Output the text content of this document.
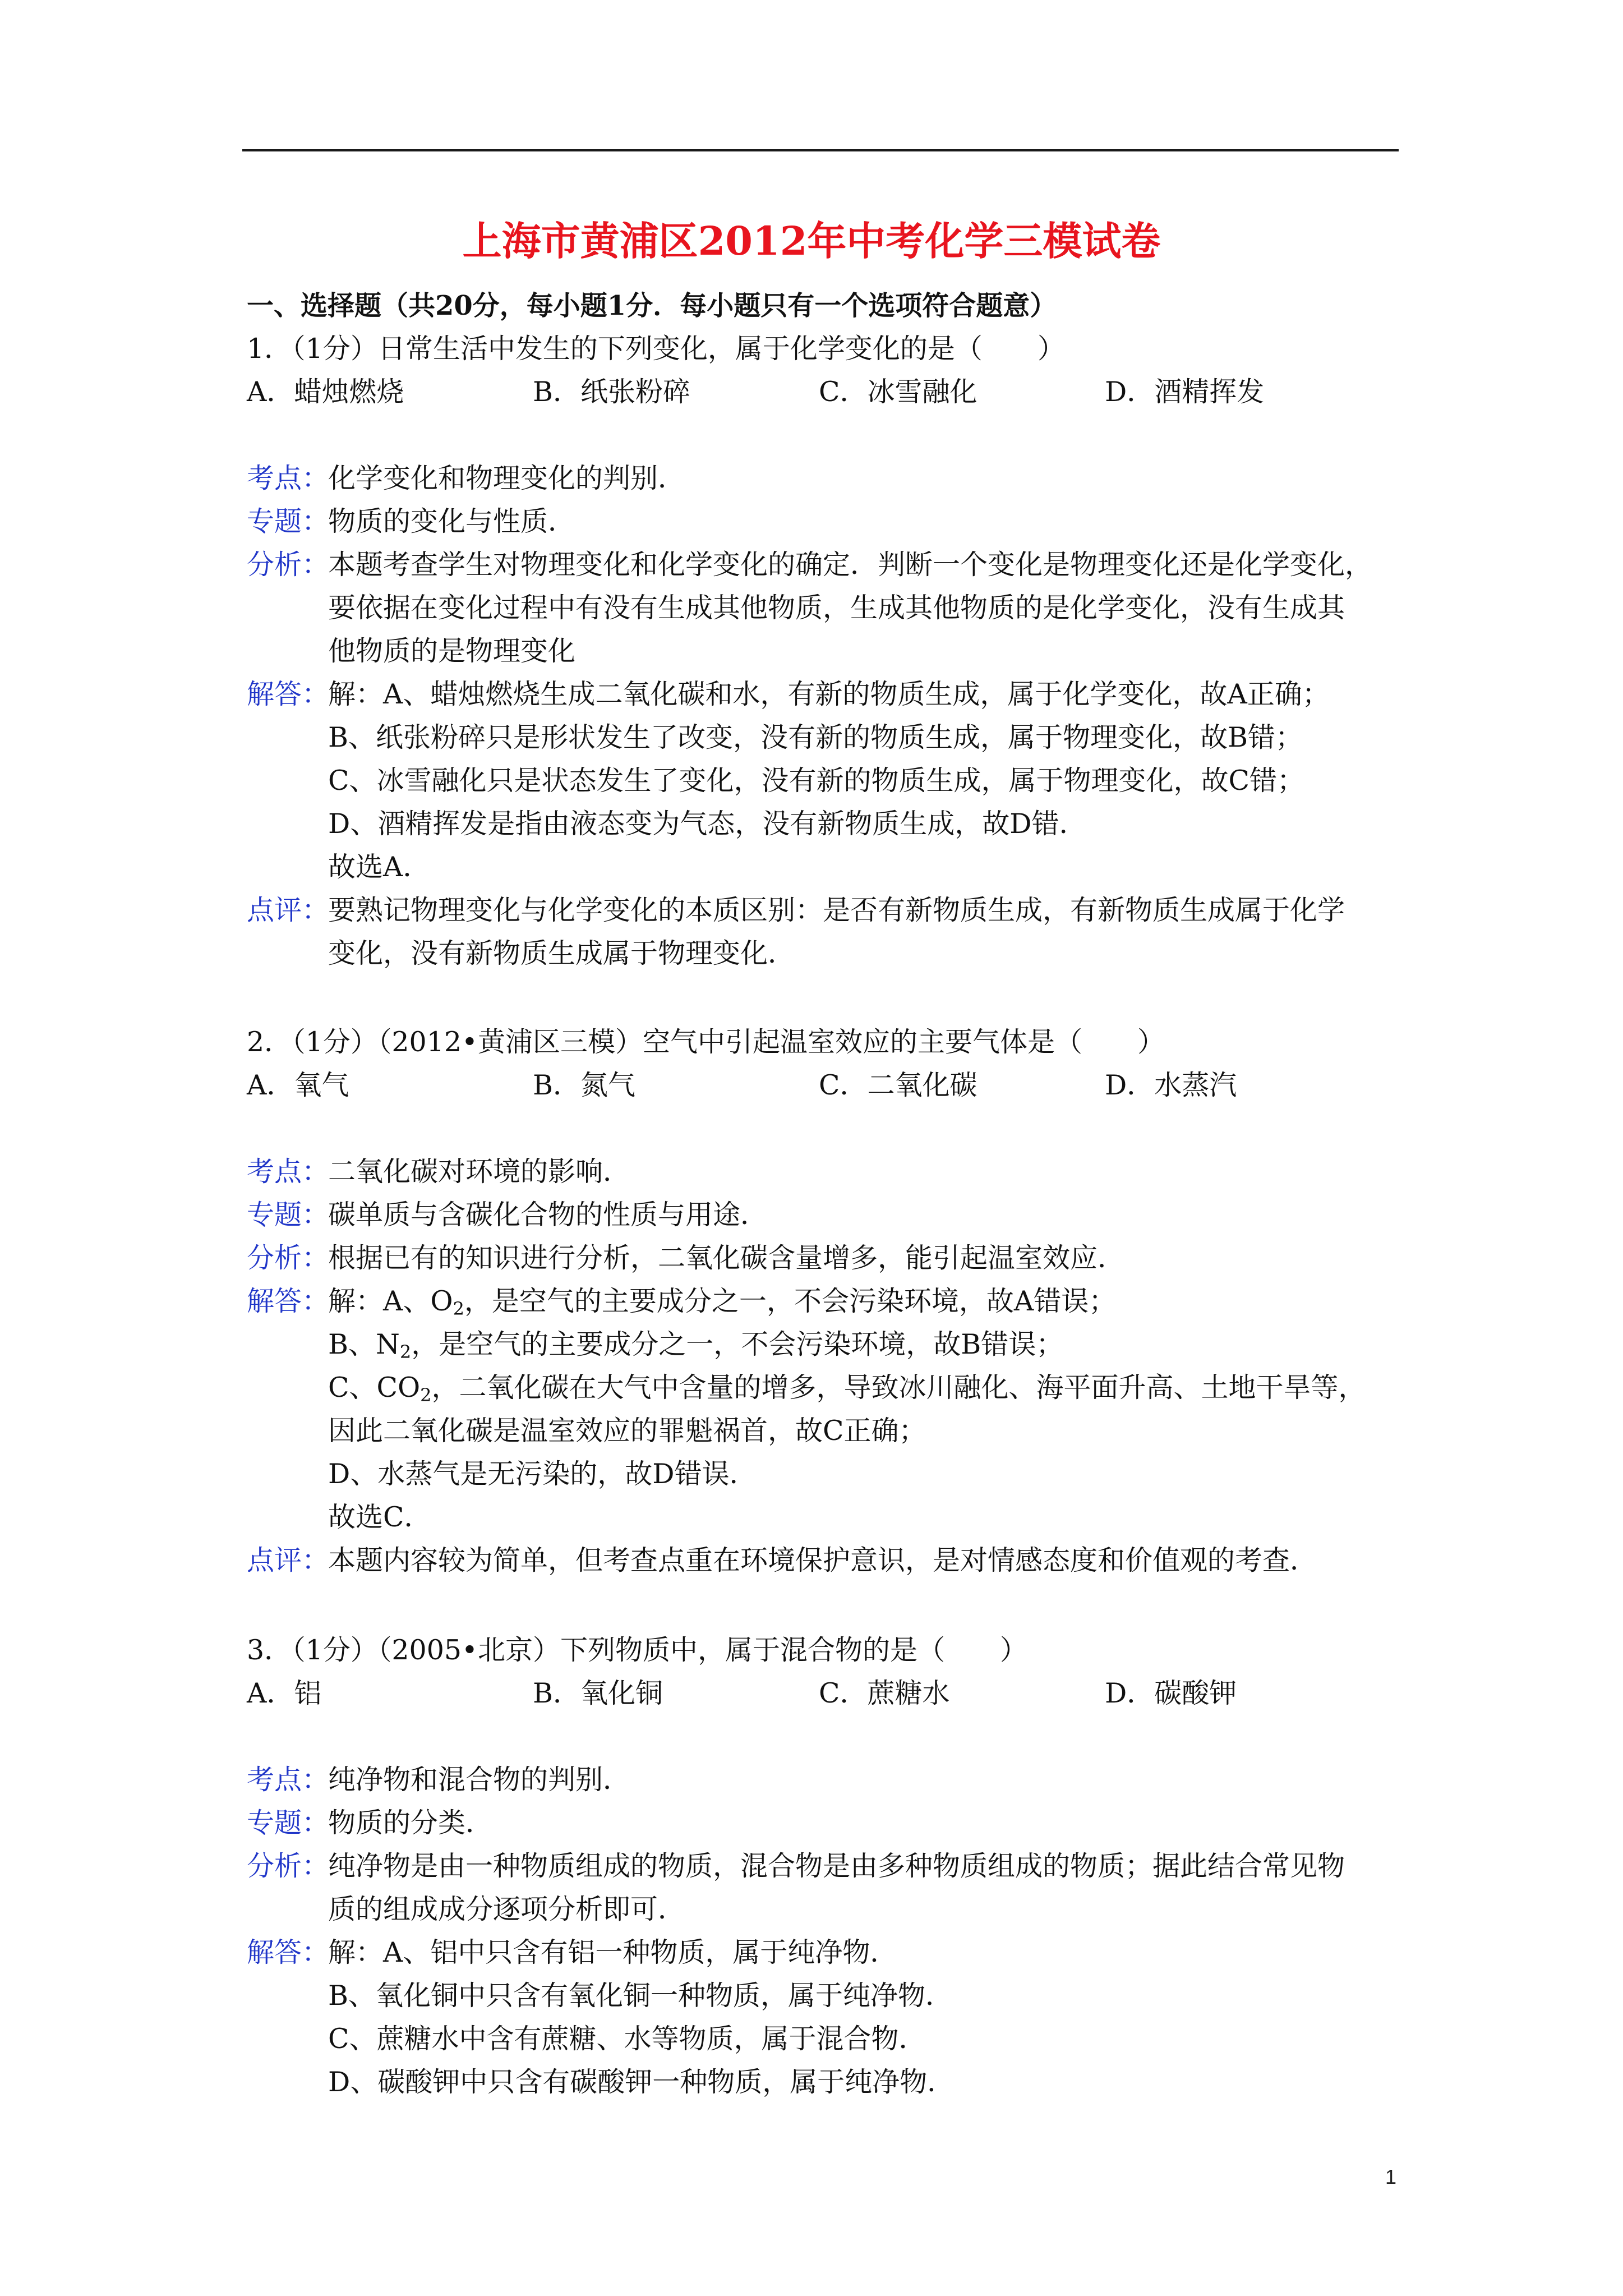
上海市黄浦区2012年中考化学三模试卷
一、选择题（共20分，每小题1分．每小题只有一个选项符合题意）
1．（1分）日常生活中发生的下列变化，属于化学变化的是（　　）
A．蜡烛燃烧	B．纸张粉碎	C．冰雪融化	D．酒精挥发
考点：
化学变化和物理变化的判别．
专题：
物质的变化与性质．
分析：
本题考查学生对物理变化和化学变化的确定．判断一个变化是物理变化还是化学变化，
要依据在变化过程中有没有生成其他物质，生成其他物质的是化学变化，没有生成其
他物质的是物理变化
解答：
解：A、蜡烛燃烧生成二氧化碳和水，有新的物质生成，属于化学变化，故A正确；
B、纸张粉碎只是形状发生了改变，没有新的物质生成，属于物理变化，故B错；
C、冰雪融化只是状态发生了变化，没有新的物质生成，属于物理变化，故C错；
D、酒精挥发是指由液态变为气态，没有新物质生成，故D错．
故选A．
点评：
要熟记物理变化与化学变化的本质区别：是否有新物质生成，有新物质生成属于化学
变化，没有新物质生成属于物理变化．
2．（1分）（2012•黄浦区三模）空气中引起温室效应的主要气体是（　　）
A．氧气	B．氮气	C．二氧化碳	D．水蒸汽
考点：
二氧化碳对环境的影响．
专题：
碳单质与含碳化合物的性质与用途．
分析：
根据已有的知识进行分析，二氧化碳含量增多，能引起温室效应．
解答：
解：A、$O_2$，是空气的主要成分之一，不会污染环境，故A错误；
B、$N_2$，是空气的主要成分之一，不会污染环境，故B错误；
C、$CO_2$，二氧化碳在大气中含量的增多，导致冰川融化、海平面升高、土地干旱等，
因此二氧化碳是温室效应的罪魁祸首，故C正确；
D、水蒸气是无污染的，故D错误．
故选C．
点评：
本题内容较为简单，但考查点重在环境保护意识，是对情感态度和价值观的考查．
3．（1分）（2005•北京）下列物质中，属于混合物的是（　　）
A．铝	B．氧化铜	C．蔗糖水	D．碳酸钾
考点：
纯净物和混合物的判别．
专题：
物质的分类．
分析：
纯净物是由一种物质组成的物质，混合物是由多种物质组成的物质；据此结合常见物
质的组成成分逐项分析即可．
解答：
解：A、铝中只含有铝一种物质，属于纯净物．
B、氧化铜中只含有氧化铜一种物质，属于纯净物．
C、蔗糖水中含有蔗糖、水等物质，属于混合物．
D、碳酸钾中只含有碳酸钾一种物质，属于纯净物．
1
